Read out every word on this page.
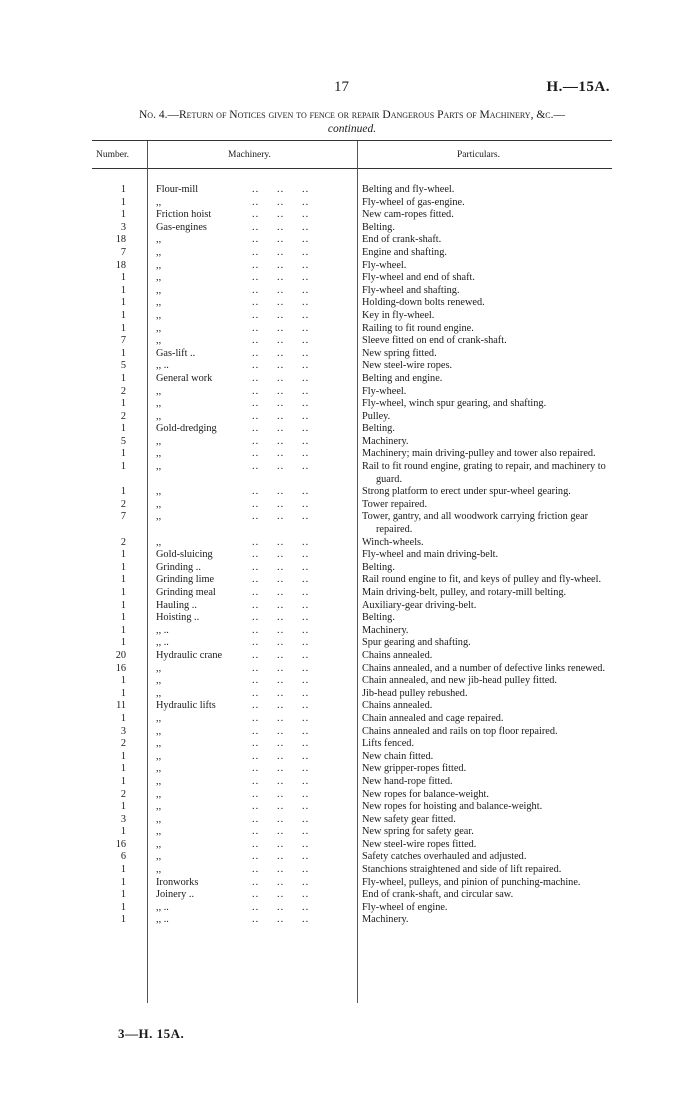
17	H.—15A.
No. 4.—Return of Notices given to fence or repair Dangerous Parts of Machinery, &c.—
continued.
Number.	Machinery.	Particulars.
1	Flour-mill	..     ..     ..	Belting and fly-wheel.
1	,,	..     ..     ..	Fly-wheel of gas-engine.
1	Friction hoist	..     ..     ..	New cam-ropes fitted.
3	Gas-engines	..     ..     ..	Belting.
18	,,	..     ..     ..	End of crank-shaft.
7	,,	..     ..     ..	Engine and shafting.
18	,,	..     ..     ..	Fly-wheel.
1	,,	..     ..     ..	Fly-wheel and end of shaft.
1	,,	..     ..     ..	Fly-wheel and shafting.
1	,,	..     ..     ..	Holding-down bolts renewed.
1	,,	..     ..     ..	Key in fly-wheel.
1	,,	..     ..     ..	Railing to fit round engine.
7	,,	..     ..     ..	Sleeve fitted on end of crank-shaft.
1	Gas-lift ..	..     ..     ..	New spring fitted.
5	,, ..	..     ..     ..	New steel-wire ropes.
1	General work	..     ..     ..	Belting and engine.
2	,,	..     ..     ..	Fly-wheel.
1	,,	..     ..     ..	Fly-wheel, winch spur gearing, and shafting.
2	,,	..     ..     ..	Pulley.
1	Gold-dredging	..     ..     ..	Belting.
5	,,	..     ..     ..	Machinery.
1	,,	..     ..     ..	Machinery; main driving-pulley and tower also repaired.
1	,,	..     ..     ..	Rail to fit round engine, grating to repair, and machinery to guard.
1	,,	..     ..     ..	Strong platform to erect under spur-wheel gearing.
2	,,	..     ..     ..	Tower repaired.
7	,,	..     ..     ..	Tower, gantry, and all woodwork carrying friction gear repaired.
2	,,	..     ..     ..	Winch-wheels.
1	Gold-sluicing	..     ..     ..	Fly-wheel and main driving-belt.
1	Grinding ..	..     ..     ..	Belting.
1	Grinding lime	..     ..     ..	Rail round engine to fit, and keys of pulley and fly-wheel.
1	Grinding meal	..     ..     ..	Main driving-belt, pulley, and rotary-mill belting.
1	Hauling ..	..     ..     ..	Auxiliary-gear driving-belt.
1	Hoisting ..	..     ..     ..	Belting.
1	,, ..	..     ..     ..	Machinery.
1	,, ..	..     ..     ..	Spur gearing and shafting.
20	Hydraulic crane	..     ..     ..	Chains annealed.
16	,,	..     ..     ..	Chains annealed, and a number of defective links renewed.
1	,,	..     ..     ..	Chain annealed, and new jib-head pulley fitted.
1	,,	..     ..     ..	Jib-head pulley rebushed.
11	Hydraulic lifts	..     ..     ..	Chains annealed.
1	,,	..     ..     ..	Chain annealed and cage repaired.
3	,,	..     ..     ..	Chains annealed and rails on top floor repaired.
2	,,	..     ..     ..	Lifts fenced.
1	,,	..     ..     ..	New chain fitted.
1	,,	..     ..     ..	New gripper-ropes fitted.
1	,,	..     ..     ..	New hand-rope fitted.
2	,,	..     ..     ..	New ropes for balance-weight.
1	,,	..     ..     ..	New ropes for hoisting and balance-weight.
3	,,	..     ..     ..	New safety gear fitted.
1	,,	..     ..     ..	New spring for safety gear.
16	,,	..     ..     ..	New steel-wire ropes fitted.
6	,,	..     ..     ..	Safety catches overhauled and adjusted.
1	,,	..     ..     ..	Stanchions straightened and side of lift repaired.
1	Ironworks	..     ..     ..	Fly-wheel, pulleys, and pinion of punching-machine.
1	Joinery ..	..     ..     ..	End of crank-shaft, and circular saw.
1	,, ..	..     ..     ..	Fly-wheel of engine.
1	,, ..	..     ..     ..	Machinery.
3—H. 15A.
